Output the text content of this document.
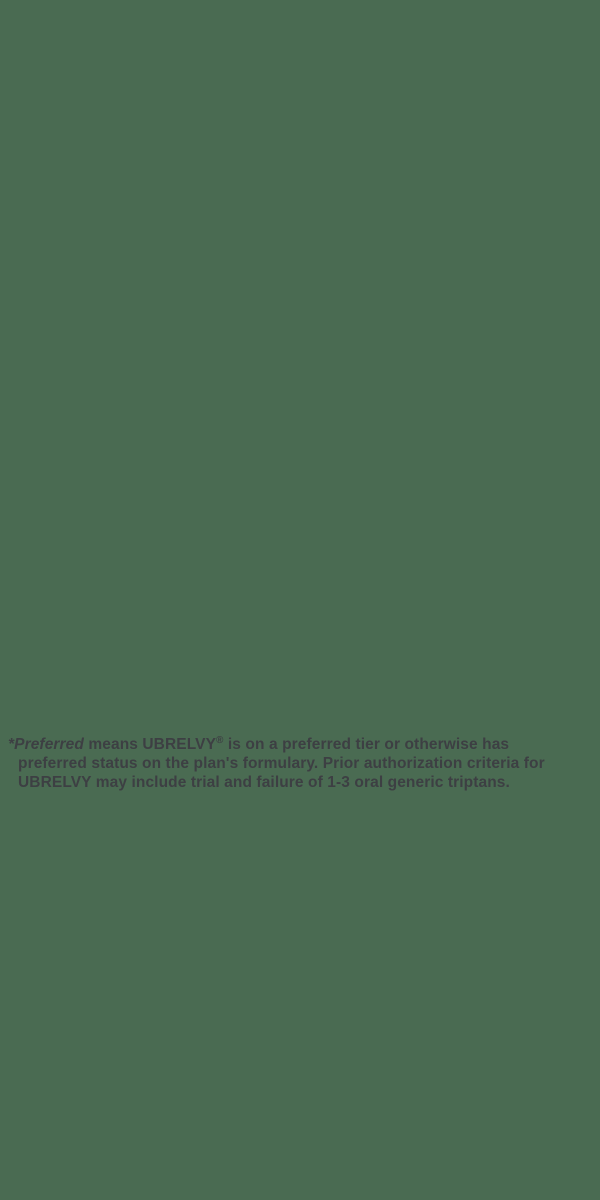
*Preferred means UBRELVY® is on a preferred tier or otherwise has
preferred status on the plan's formulary. Prior authorization criteria for
UBRELVY may include trial and failure of 1-3 oral generic triptans.
